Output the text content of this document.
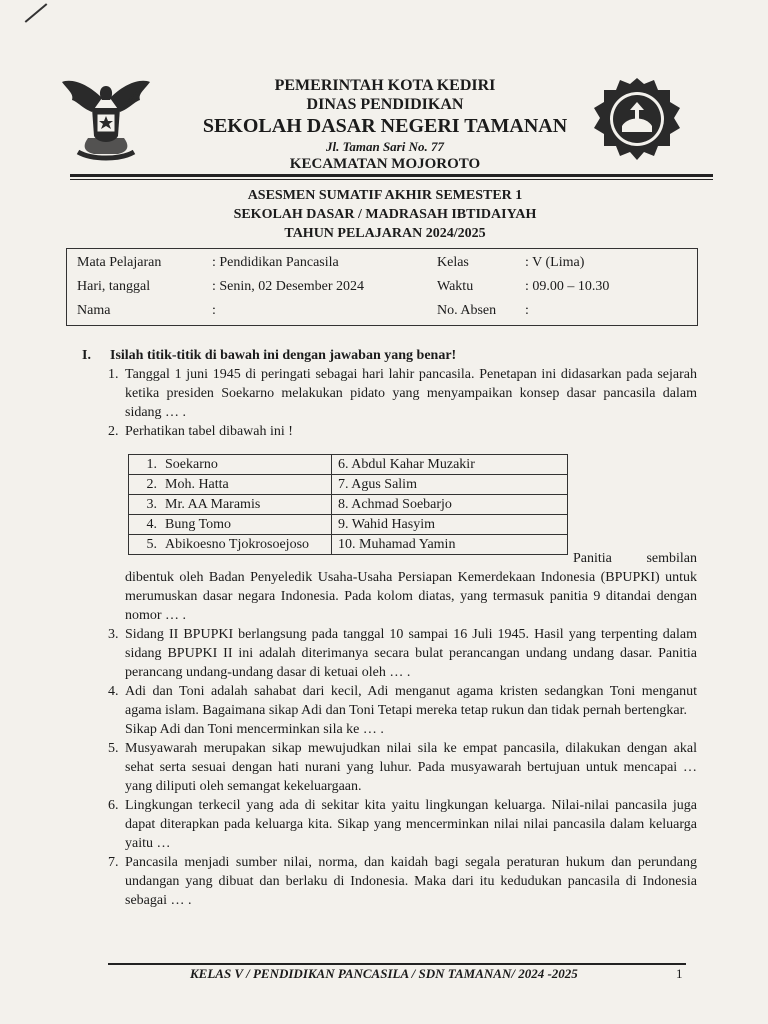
PEMERINTAH KOTA KEDIRI
DINAS PENDIDIKAN
SEKOLAH DASAR NEGERI TAMANAN
Jl. Taman Sari No. 77
KECAMATAN MOJOROTO
ASESMEN SUMATIF AKHIR SEMESTER 1
SEKOLAH DASAR / MADRASAH IBTIDAIYAH
TAHUN PELAJARAN 2024/2025
Mata Pelajaran	: Pendidikan Pancasila	Kelas	: V (Lima)
Hari, tanggal	: Senin, 02 Desember 2024	Waktu	: 09.00 – 10.30
Nama	:	No. Absen :
I. Isilah titik-titik di bawah ini dengan jawaban yang benar!
1. Tanggal 1 juni 1945 di peringati sebagai hari lahir pancasila. Penetapan ini didasarkan pada sejarah ketika presiden Soekarno melakukan pidato yang menyampaikan konsep dasar pancasila dalam sidang … .
2. Perhatikan tabel dibawah ini !
Panitia sembilan dibentuk oleh Badan Penyeledik Usaha-Usaha Persiapan Kemerdekaan Indonesia (BPUPKI) untuk merumuskan dasar negara Indonesia. Pada kolom diatas, yang termasuk panitia 9 ditandai dengan nomor … .
3. Sidang II BPUPKI berlangsung pada tanggal 10 sampai 16 Juli 1945. Hasil yang terpenting dalam sidang BPUPKI II ini adalah diterimanya secara bulat perancangan undang undang dasar. Panitia perancang undang-undang dasar di ketuai oleh … .
4. Adi dan Toni adalah sahabat dari kecil, Adi menganut agama kristen sedangkan Toni menganut agama islam. Bagaimana sikap Adi dan Toni Tetapi mereka tetap rukun dan tidak pernah bertengkar.
Sikap Adi dan Toni mencerminkan sila ke … .
5. Musyawarah merupakan sikap mewujudkan nilai sila ke empat pancasila, dilakukan dengan akal sehat serta sesuai dengan hati nurani yang luhur. Pada musyawarah bertujuan untuk mencapai … yang diliputi oleh semangat kekeluargaan.
6. Lingkungan terkecil yang ada di sekitar kita yaitu lingkungan keluarga. Nilai-nilai pancasila juga dapat diterapkan pada keluarga kita. Sikap yang mencerminkan nilai nilai pancasila dalam keluarga yaitu …
7. Pancasila menjadi sumber nilai, norma, dan kaidah bagi segala peraturan hukum dan perundang undangan yang dibuat dan berlaku di Indonesia. Maka dari itu kedudukan pancasila di Indonesia sebagai … .
1. Soekarno	6. Abdul Kahar Muzakir
2. Moh. Hatta	7. Agus Salim
3. Mr. AA Maramis	8. Achmad Soebarjo
4. Bung Tomo	9. Wahid Hasyim
5. Abikoesno Tjokrosoejoso	10. Muhamad Yamin
KELAS V / PENDIDIKAN PANCASILA / SDN TAMANAN/ 2024 -2025	1
